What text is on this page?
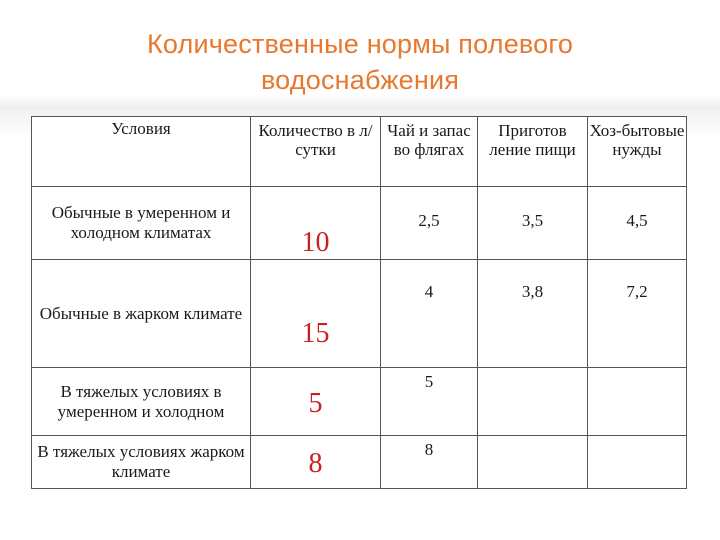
Количественные нормы полевого
водоснабжения
Условия	Количество в л/сутки	Чай и запас во флягах	Приготов ление пищи	Хоз-бытовые нужды

Обычные в умеренном и холодном климатах	10	2,5	3,5	4,5

Обычные в жарком климате	15	4	3,8	7,2

В тяжелых условиях в умеренном и холодном	5	5		

В тяжелых условиях жарком климате	8	8		
